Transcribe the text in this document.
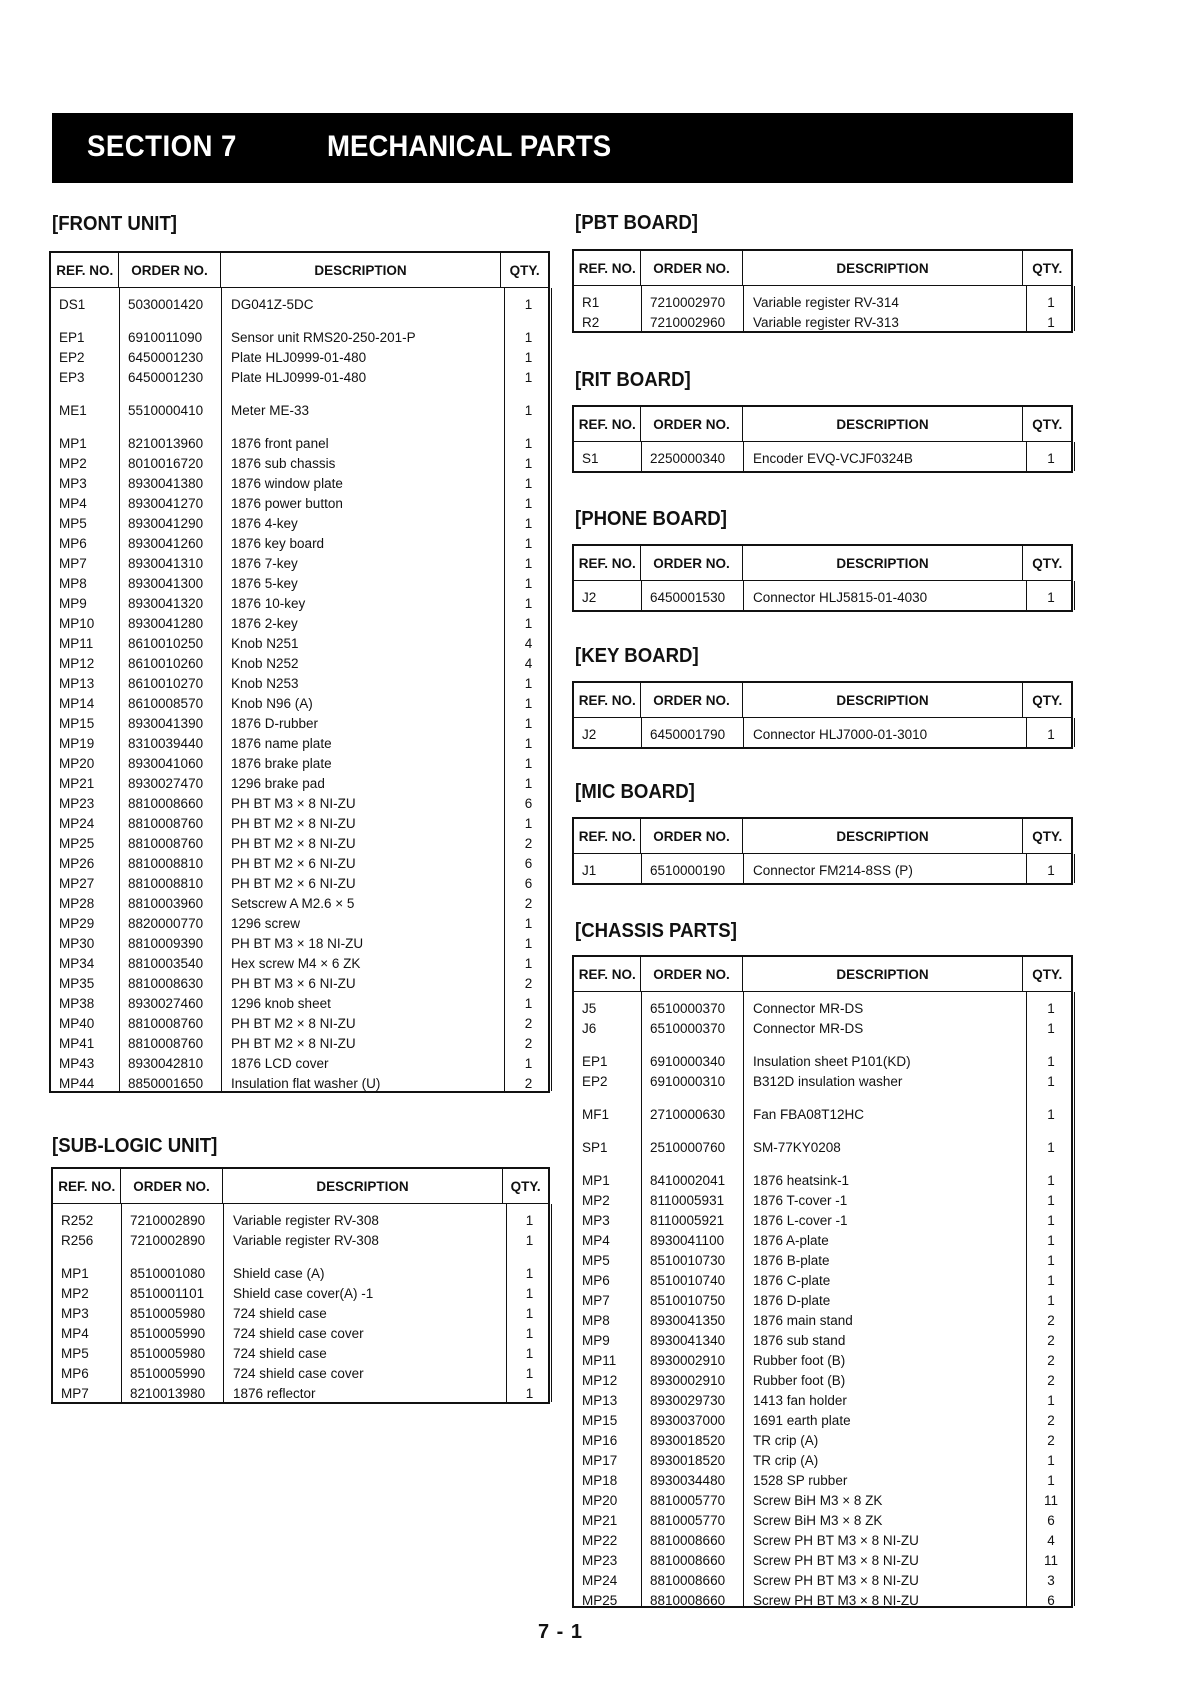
SECTION 7	MECHANICAL PARTS
[FRONT UNIT]
REF. NO.	ORDER NO.	DESCRIPTION	QTY.
DS1	5030001420	DG041Z-5DC	1
EP1	6910011090	Sensor unit RMS20-250-201-P	1
EP2	6450001230	Plate HLJ0999-01-480	1
EP3	6450001230	Plate HLJ0999-01-480	1
ME1	5510000410	Meter ME-33	1
MP1	8210013960	1876 front panel	1
MP2	8010016720	1876 sub chassis	1
MP3	8930041380	1876 window plate	1
MP4	8930041270	1876 power button	1
MP5	8930041290	1876 4-key	1
MP6	8930041260	1876 key board	1
MP7	8930041310	1876 7-key	1
MP8	8930041300	1876 5-key	1
MP9	8930041320	1876 10-key	1
MP10	8930041280	1876 2-key	1
MP11	8610010250	Knob N251	4
MP12	8610010260	Knob N252	4
MP13	8610010270	Knob N253	1
MP14	8610008570	Knob N96 (A)	1
MP15	8930041390	1876 D-rubber	1
MP19	8310039440	1876 name plate	1
MP20	8930041060	1876 brake plate	1
MP21	8930027470	1296 brake pad	1
MP23	8810008660	PH BT M3 × 8 NI-ZU	6
MP24	8810008760	PH BT M2 × 8 NI-ZU	1
MP25	8810008760	PH BT M2 × 8 NI-ZU	2
MP26	8810008810	PH BT M2 × 6 NI-ZU	6
MP27	8810008810	PH BT M2 × 6 NI-ZU	6
MP28	8810003960	Setscrew A M2.6 × 5	2
MP29	8820000770	1296 screw	1
MP30	8810009390	PH BT M3 × 18 NI-ZU	1
MP34	8810003540	Hex screw M4 × 6 ZK	1
MP35	8810008630	PH BT M3 × 6 NI-ZU	2
MP38	8930027460	1296 knob sheet	1
MP40	8810008760	PH BT M2 × 8 NI-ZU	2
MP41	8810008760	PH BT M2 × 8 NI-ZU	2
MP43	8930042810	1876 LCD cover	1
MP44	8850001650	Insulation flat washer (U)	2
[SUB-LOGIC UNIT]
REF. NO.	ORDER NO.	DESCRIPTION	QTY.
R252	7210002890	Variable register RV-308	1
R256	7210002890	Variable register RV-308	1
MP1	8510001080	Shield case (A)	1
MP2	8510001101	Shield case cover(A) -1	1
MP3	8510005980	724 shield case	1
MP4	8510005990	724 shield case cover	1
MP5	8510005980	724 shield case	1
MP6	8510005990	724 shield case cover	1
MP7	8210013980	1876 reflector	1
[PBT BOARD]
REF. NO.	ORDER NO.	DESCRIPTION	QTY.
R1	7210002970	Variable register RV-314	1
R2	7210002960	Variable register RV-313	1
[RIT BOARD]
REF. NO.	ORDER NO.	DESCRIPTION	QTY.
S1	2250000340	Encoder EVQ-VCJF0324B	1
[PHONE BOARD]
REF. NO.	ORDER NO.	DESCRIPTION	QTY.
J2	6450001530	Connector HLJ5815-01-4030	1
[KEY BOARD]
REF. NO.	ORDER NO.	DESCRIPTION	QTY.
J2	6450001790	Connector HLJ7000-01-3010	1
[MIC BOARD]
REF. NO.	ORDER NO.	DESCRIPTION	QTY.
J1	6510000190	Connector FM214-8SS (P)	1
[CHASSIS PARTS]
REF. NO.	ORDER NO.	DESCRIPTION	QTY.
J5	6510000370	Connector MR-DS	1
J6	6510000370	Connector MR-DS	1
EP1	6910000340	Insulation sheet P101(KD)	1
EP2	6910000310	B312D insulation washer	1
MF1	2710000630	Fan FBA08T12HC	1
SP1	2510000760	SM-77KY0208	1
MP1	8410002041	1876 heatsink-1	1
MP2	8110005931	1876 T-cover -1	1
MP3	8110005921	1876 L-cover -1	1
MP4	8930041100	1876 A-plate	1
MP5	8510010730	1876 B-plate	1
MP6	8510010740	1876 C-plate	1
MP7	8510010750	1876 D-plate	1
MP8	8930041350	1876 main stand	2
MP9	8930041340	1876 sub stand	2
MP11	8930002910	Rubber foot (B)	2
MP12	8930002910	Rubber foot (B)	2
MP13	8930029730	1413 fan holder	1
MP15	8930037000	1691 earth plate	2
MP16	8930018520	TR crip (A)	2
MP17	8930018520	TR crip (A)	1
MP18	8930034480	1528 SP rubber	1
MP20	8810005770	Screw BiH M3 × 8 ZK	11
MP21	8810005770	Screw BiH M3 × 8 ZK	6
MP22	8810008660	Screw PH BT M3 × 8 NI-ZU	4
MP23	8810008660	Screw PH BT M3 × 8 NI-ZU	11
MP24	8810008660	Screw PH BT M3 × 8 NI-ZU	3
MP25	8810008660	Screw PH BT M3 × 8 NI-ZU	6
7 - 1
